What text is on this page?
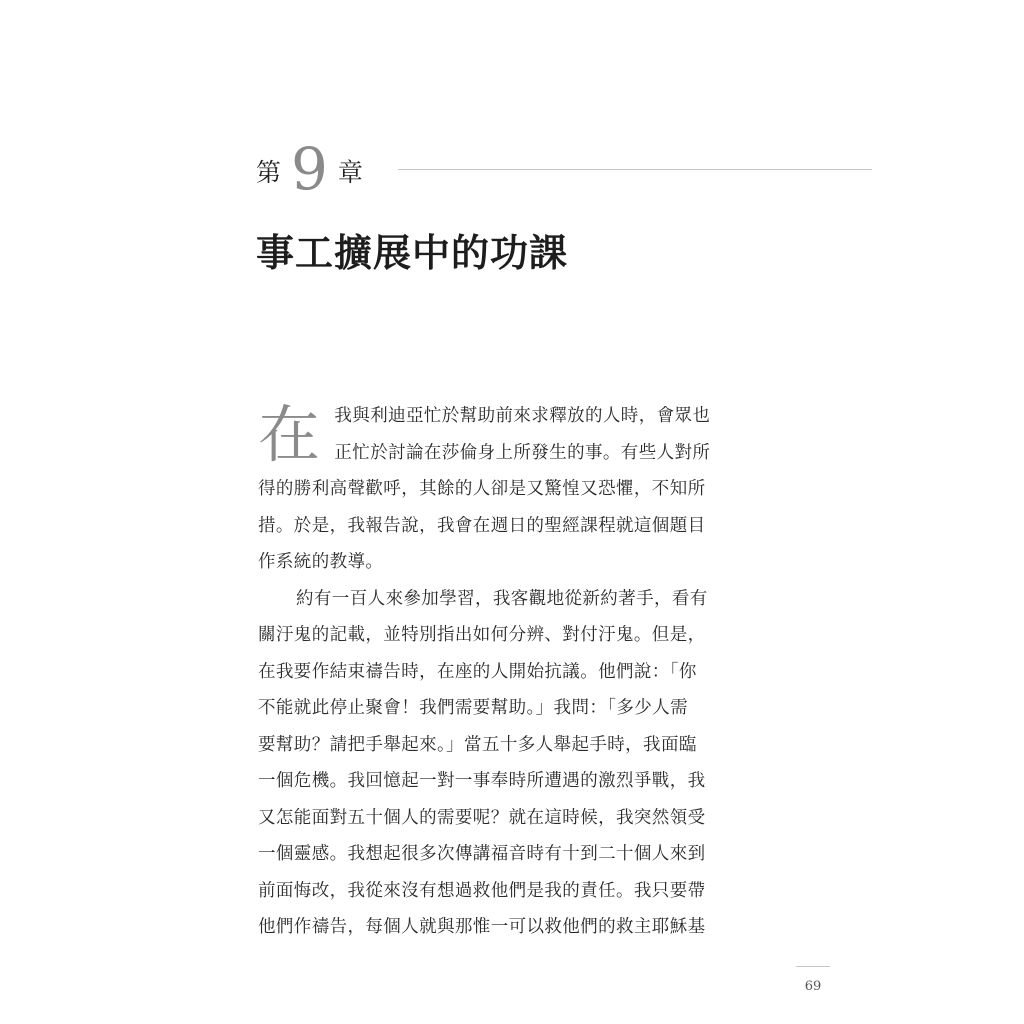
第 9 章
事工擴展中的功課

在 我與利迪亞忙於幫助前來求釋放的人時，會眾也
正忙於討論在莎倫身上所發生的事。有些人對所
得的勝利高聲歡呼，其餘的人卻是又驚惶又恐懼，不知所
措。於是，我報告說，我會在週日的聖經課程就這個題目
作系統的教導。

約有一百人來參加學習，我客觀地從新約著手，看有
關汙鬼的記載，並特別指出如何分辨、對付汙鬼。但是，
在我要作結束禱告時，在座的人開始抗議。他們說：「你
不能就此停止聚會！我們需要幫助。」我問：「多少人需
要幫助？請把手舉起來。」當五十多人舉起手時，我面臨
一個危機。我回憶起一對一事奉時所遭遇的激烈爭戰，我
又怎能面對五十個人的需要呢？就在這時候，我突然領受
一個靈感。我想起很多次傳講福音時有十到二十個人來到
前面悔改，我從來沒有想過救他們是我的責任。我只要帶
他們作禱告，每個人就與那惟一可以救他們的救主耶穌基

69
